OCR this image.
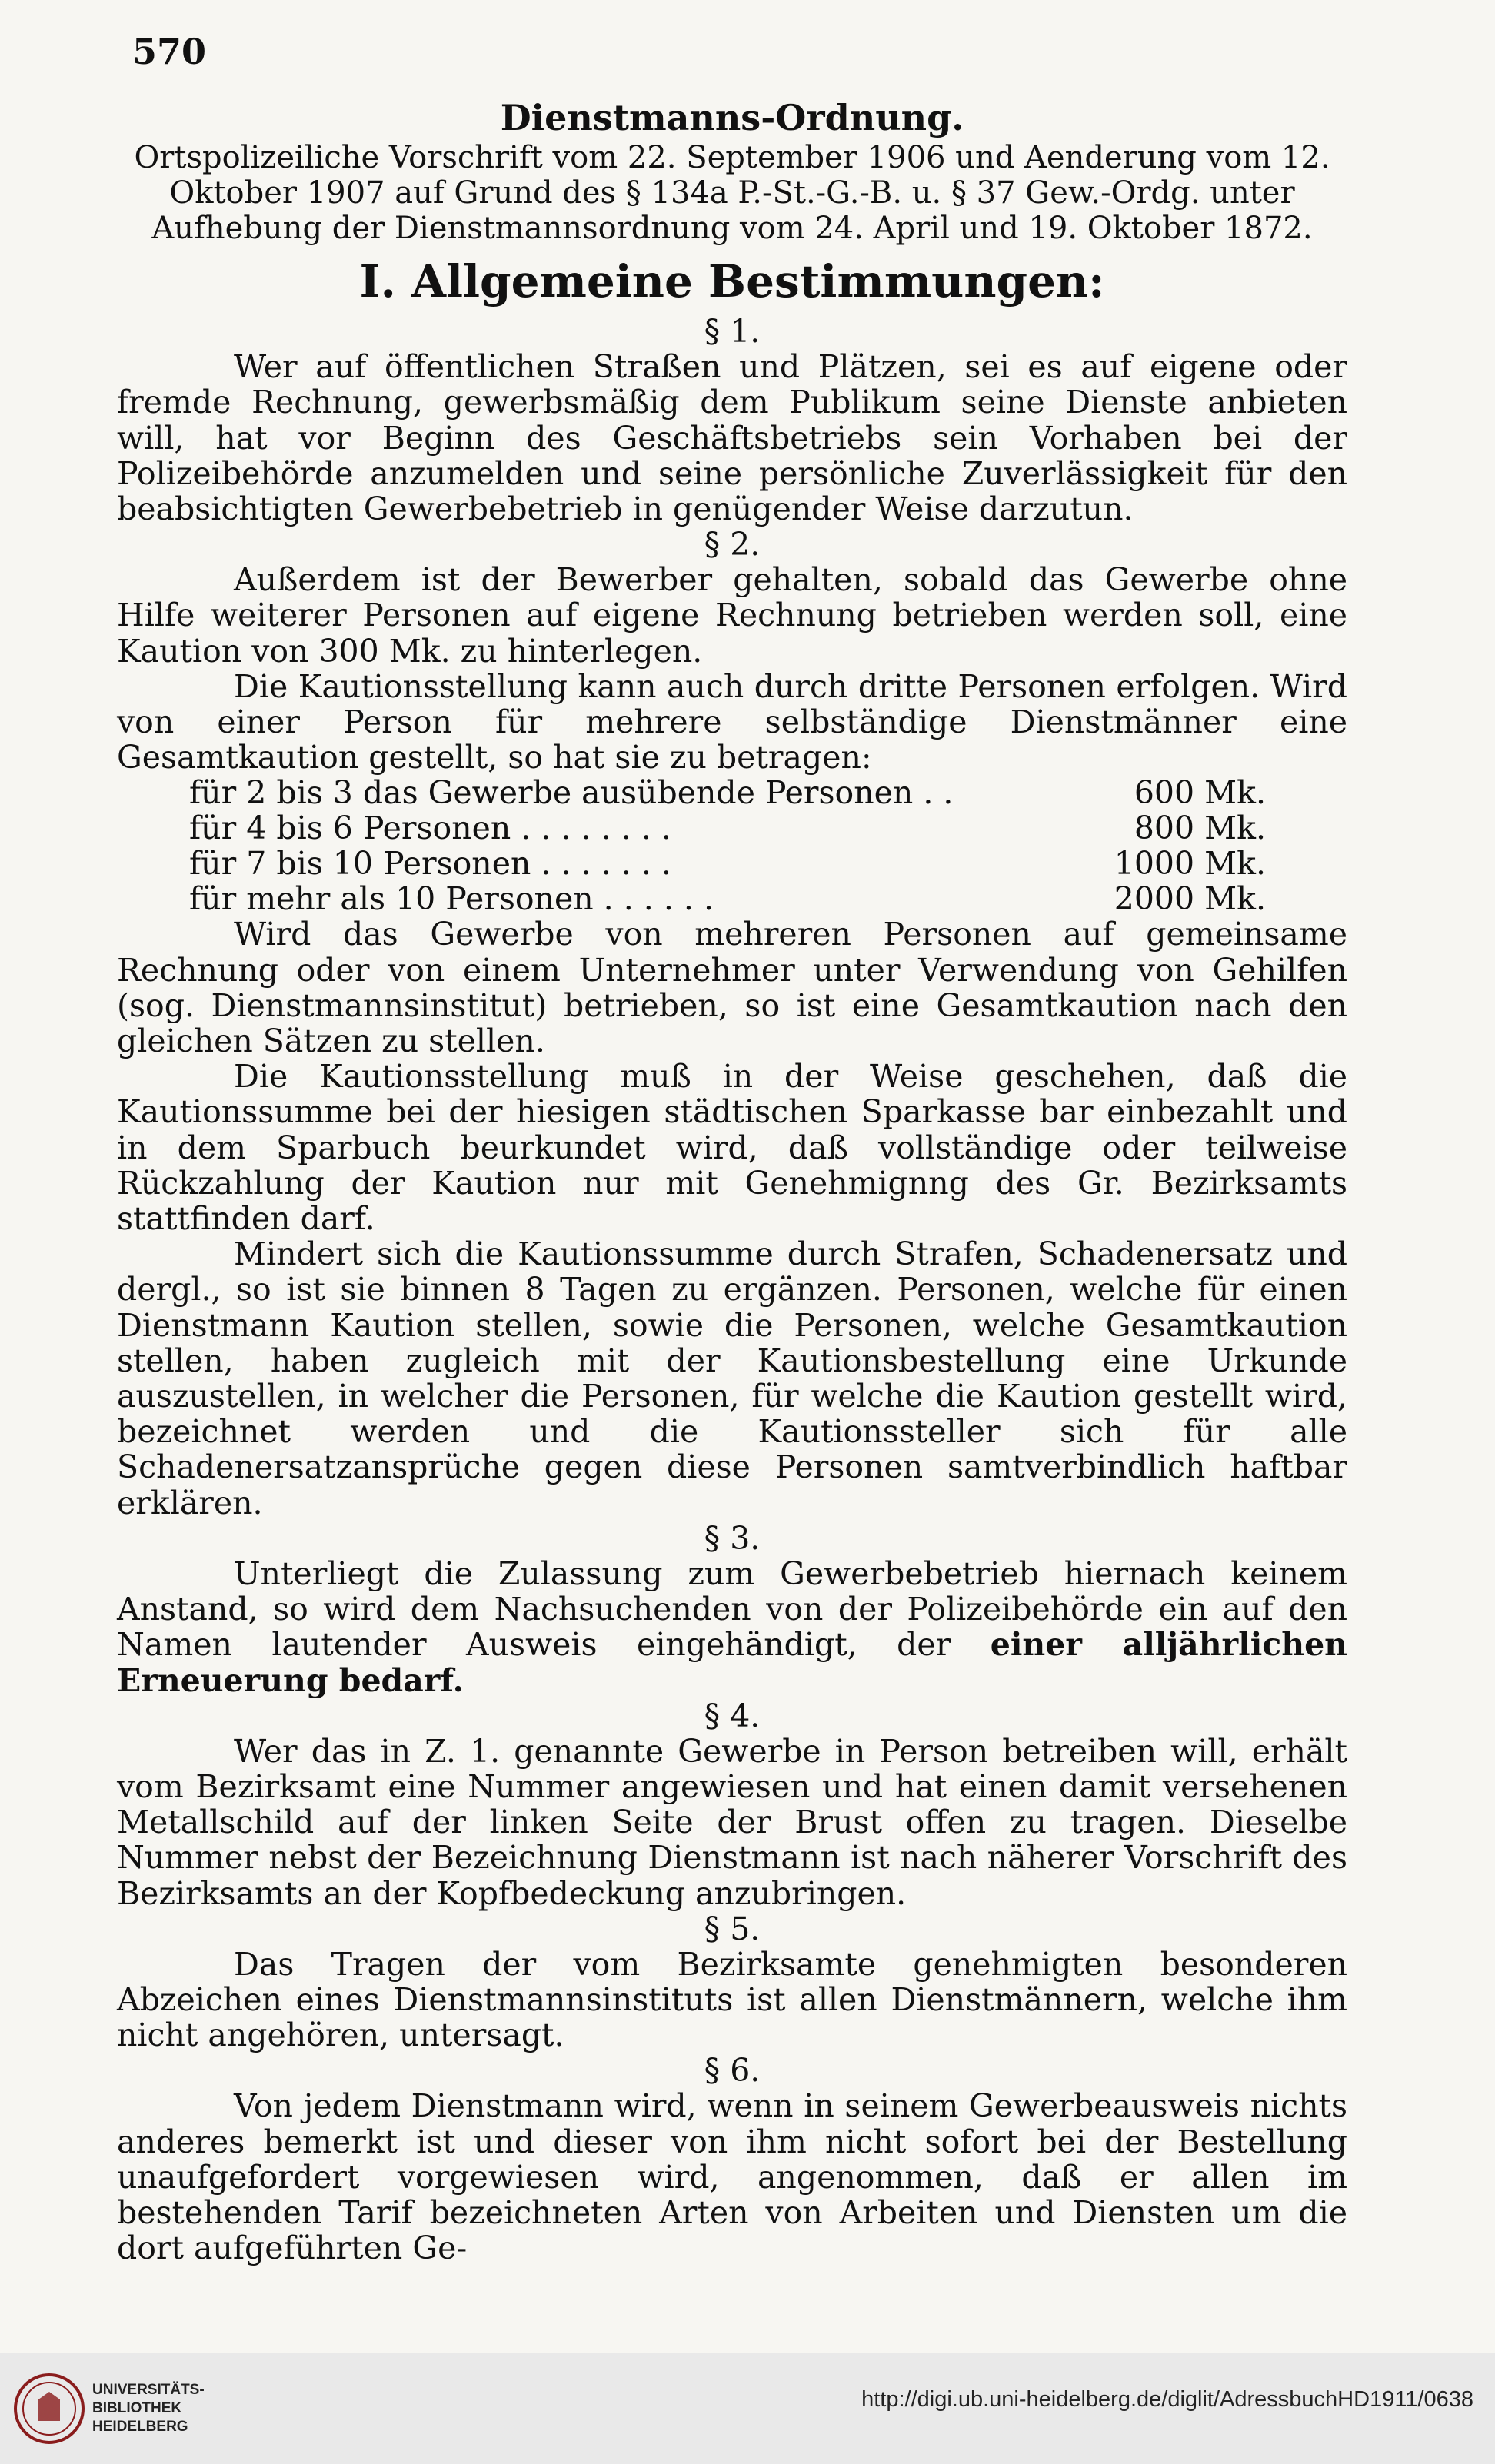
570
Dienstmanns-Ordnung.
Ortspolizeiliche Vorschrift vom 22. September 1906 und Aenderung vom 12. Oktober 1907 auf Grund des § 134a P.-St.-G.-B. u. § 37 Gew.-Ordg. unter Aufhebung der Dienstmannsordnung vom 24. April und 19. Oktober 1872.
I. Allgemeine Bestimmungen:
§ 1.

Wer auf öffentlichen Straßen und Plätzen, sei es auf eigene oder fremde Rechnung, gewerbsmäßig dem Publikum seine Dienste anbieten will, hat vor Beginn des Geschäftsbetriebs sein Vorhaben bei der Polizeibehörde anzumelden und seine persönliche Zuverlässigkeit für den beabsichtigten Gewerbebetrieb in genügender Weise darzutun.

§ 2.

Außerdem ist der Bewerber gehalten, sobald das Gewerbe ohne Hilfe weiterer Personen auf eigene Rechnung betrieben werden soll, eine Kaution von 300 Mk. zu hinterlegen.

Die Kautionsstellung kann auch durch dritte Personen erfolgen. Wird von einer Person für mehrere selbständige Dienstmänner eine Gesamtkaution gestellt, so hat sie zu betragen:

für 2 bis 3 das Gewerbe ausübende Personen . .	600 Mk.
für 4 bis 6 Personen . . . . . . . .	800 Mk.
für 7 bis 10 Personen . . . . . . .	1000 Mk.
für mehr als 10 Personen . . . . . .	2000 Mk.

Wird das Gewerbe von mehreren Personen auf gemeinsame Rechnung oder von einem Unternehmer unter Verwendung von Gehilfen (sog. Dienstmannsinstitut) betrieben, so ist eine Gesamtkaution nach den gleichen Sätzen zu stellen.

Die Kautionsstellung muß in der Weise geschehen, daß die Kautionssumme bei der hiesigen städtischen Sparkasse bar einbezahlt und in dem Sparbuch beurkundet wird, daß vollständige oder teilweise Rückzahlung der Kaution nur mit Genehmignng des Gr. Bezirksamts stattfinden darf.

Mindert sich die Kautionssumme durch Strafen, Schadenersatz und dergl., so ist sie binnen 8 Tagen zu ergänzen. Personen, welche für einen Dienstmann Kaution stellen, sowie die Personen, welche Gesamtkaution stellen, haben zugleich mit der Kautionsbestellung eine Urkunde auszustellen, in welcher die Personen, für welche die Kaution gestellt wird, bezeichnet werden und die Kautionssteller sich für alle Schadenersatzansprüche gegen diese Personen samtverbindlich haftbar erklären.

§ 3.

Unterliegt die Zulassung zum Gewerbebetrieb hiernach keinem Anstand, so wird dem Nachsuchenden von der Polizeibehörde ein auf den Namen lautender Ausweis eingehändigt, der einer alljährlichen Erneuerung bedarf.

§ 4.

Wer das in Z. 1. genannte Gewerbe in Person betreiben will, erhält vom Bezirksamt eine Nummer angewiesen und hat einen damit versehenen Metallschild auf der linken Seite der Brust offen zu tragen. Dieselbe Nummer nebst der Bezeichnung Dienstmann ist nach näherer Vorschrift des Bezirksamts an der Kopfbedeckung anzubringen.

§ 5.

Das Tragen der vom Bezirksamte genehmigten besonderen Abzeichen eines Dienstmannsinstituts ist allen Dienstmännern, welche ihm nicht angehören, untersagt.

§ 6.

Von jedem Dienstmann wird, wenn in seinem Gewerbeausweis nichts anderes bemerkt ist und dieser von ihm nicht sofort bei der Bestellung unaufgefordert vorgewiesen wird, angenommen, daß er allen im bestehenden Tarif bezeichneten Arten von Arbeiten und Diensten um die dort aufgeführten Ge-

UNIVERSITÄTS-
BIBLIOTHEK
HEIDELBERG
http://digi.ub.uni-heidelberg.de/diglit/AdressbuchHD1911/0638
